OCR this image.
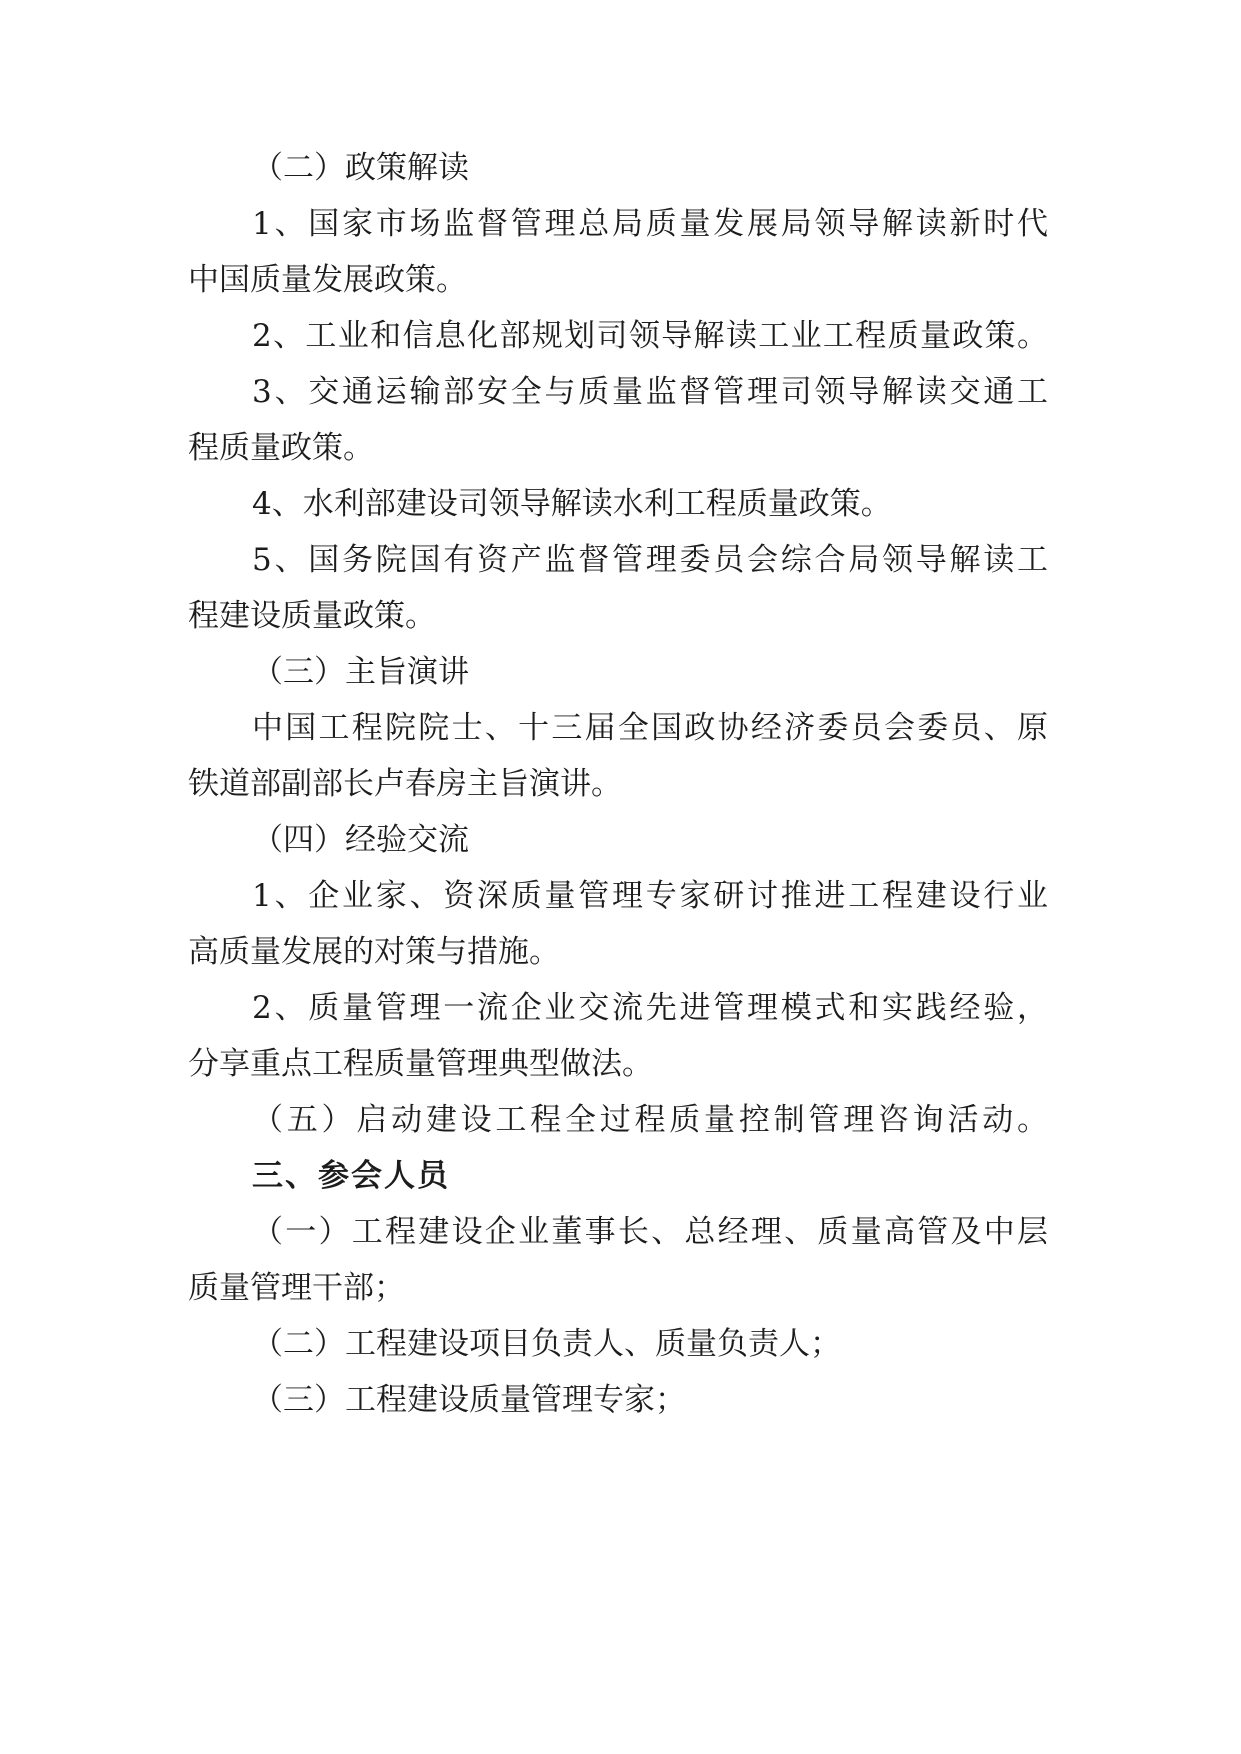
（二）政策解读
1、国家市场监督管理总局质量发展局领导解读新时代
中国质量发展政策。
2、工业和信息化部规划司领导解读工业工程质量政策。
3、交通运输部安全与质量监督管理司领导解读交通工
程质量政策。
4、水利部建设司领导解读水利工程质量政策。
5、国务院国有资产监督管理委员会综合局领导解读工
程建设质量政策。
（三）主旨演讲
中国工程院院士、十三届全国政协经济委员会委员、原
铁道部副部长卢春房主旨演讲。
（四）经验交流
1、企业家、资深质量管理专家研讨推进工程建设行业
高质量发展的对策与措施。
2、质量管理一流企业交流先进管理模式和实践经验，
分享重点工程质量管理典型做法。
（五）启动建设工程全过程质量控制管理咨询活动。
三、参会人员
（一）工程建设企业董事长、总经理、质量高管及中层
质量管理干部；
（二）工程建设项目负责人、质量负责人；
（三）工程建设质量管理专家；
